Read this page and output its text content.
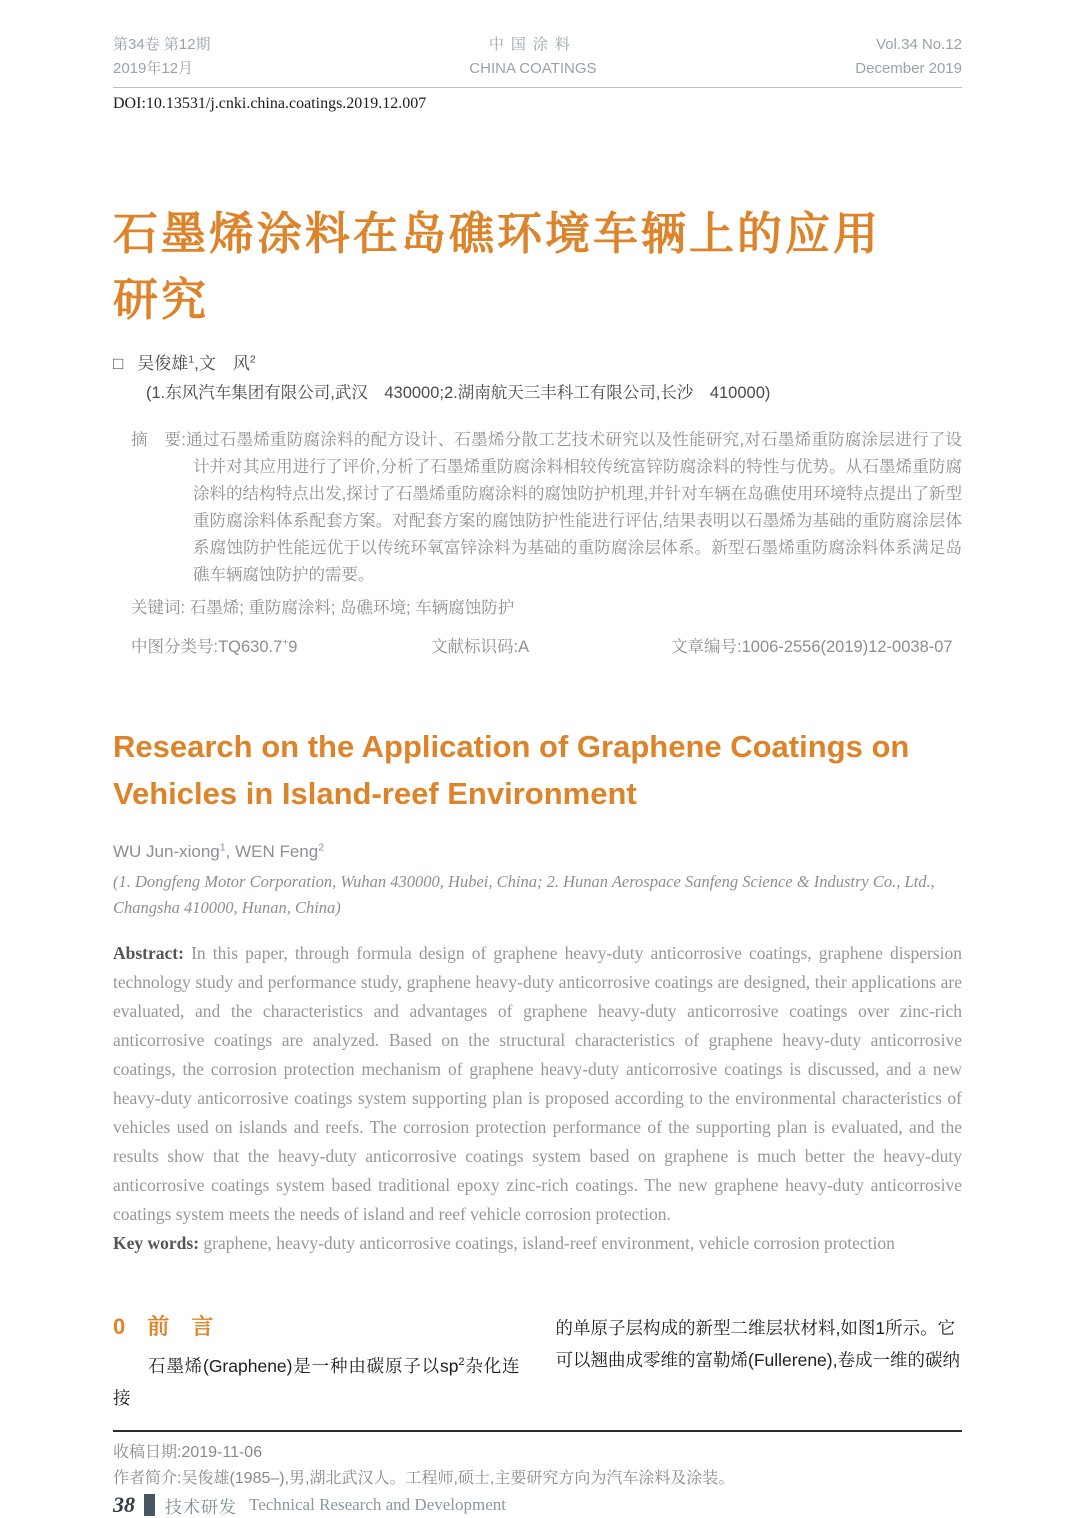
第34卷 第12期
2019年12月
中国涂料
CHINA COATINGS
Vol.34 No.12
December 2019
DOI:10.13531/j.cnki.china.coatings.2019.12.007
石墨烯涂料在岛礁环境车辆上的应用
研究
□ 吴俊雄$^1$,文　风$^2$
(1.东风汽车集团有限公司,武汉　430000;2.湖南航天三丰科工有限公司,长沙　410000)

摘　要:通过石墨烯重防腐涂料的配方设计、石墨烯分散工艺技术研究以及性能研究,对石墨烯重防腐涂层进行了设计并对其应用进行了评价,分析了石墨烯重防腐涂料相较传统富锌防腐涂料的特性与优势。从石墨烯重防腐涂料的结构特点出发,探讨了石墨烯重防腐涂料的腐蚀防护机理,并针对车辆在岛礁使用环境特点提出了新型重防腐涂料体系配套方案。对配套方案的腐蚀防护性能进行评估,结果表明以石墨烯为基础的重防腐涂层体系腐蚀防护性能远优于以传统环氧富锌涂料为基础的重防腐涂层体系。新型石墨烯重防腐涂料体系满足岛礁车辆腐蚀防护的需要。

关键词: 石墨烯; 重防腐涂料; 岛礁环境; 车辆腐蚀防护

中图分类号:TQ630.7+9	文献标识码:A	文章编号:1006-2556(2019)12-0038-07
Research on the Application of Graphene Coatings on
Vehicles in Island-reef Environment
WU Jun-xiong$^1$, WEN Feng$^2$
(1. Dongfeng Motor Corporation, Wuhan 430000, Hubei, China; 2. Hunan Aerospace Sanfeng Science & Industry Co., Ltd., Changsha 410000, Hunan, China)

Abstract: In this paper, through formula design of graphene heavy-duty anticorrosive coatings, graphene dispersion technology study and performance study, graphene heavy-duty anticorrosive coatings are designed, their applications are evaluated, and the characteristics and advantages of graphene heavy-duty anticorrosive coatings over zinc-rich anticorrosive coatings are analyzed. Based on the structural characteristics of graphene heavy-duty anticorrosive coatings, the corrosion protection mechanism of graphene heavy-duty anticorrosive coatings is discussed, and a new heavy-duty anticorrosive coatings system supporting plan is proposed according to the environmental characteristics of vehicles used on islands and reefs. The corrosion protection performance of the supporting plan is evaluated, and the results show that the heavy-duty anticorrosive coatings system based on graphene is much better the heavy-duty anticorrosive coatings system based traditional epoxy zinc-rich coatings. The new graphene heavy-duty anticorrosive coatings system meets the needs of island and reef vehicle corrosion protection.

Key words: graphene, heavy-duty anticorrosive coatings, island-reef environment, vehicle corrosion protection

0 前　言

石墨烯(Graphene)是一种由碳原子以$sp^2$杂化连接

的单原子层构成的新型二维层状材料,如图1所示。它
可以翘曲成零维的富勒烯(Fullerene),卷成一维的碳纳

收稿日期:2019-11-06
作者简介:吴俊雄(1985–),男,湖北武汉人。工程师,硕士,主要研究方向为汽车涂料及涂装。
38 技术研发 Technical Research and Development
